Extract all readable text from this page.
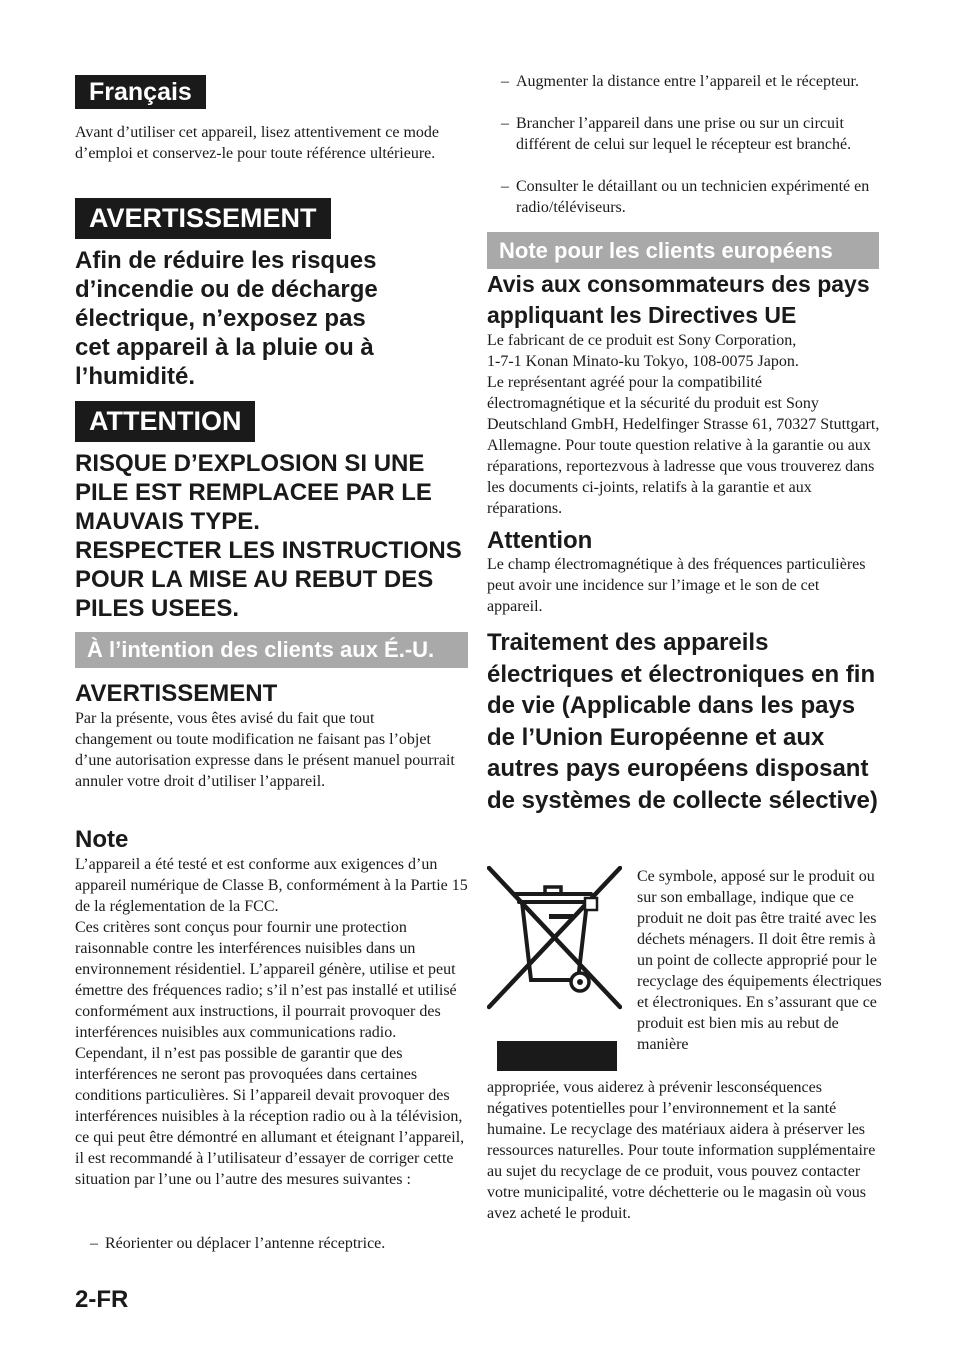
Français

Avant d’utiliser cet appareil, lisez attentivement ce mode d’emploi et conservez-le pour toute référence ultérieure.

AVERTISSEMENT

Afin de réduire les risques d’incendie ou de décharge électrique, n’exposez pas cet appareil à la pluie ou à l’humidité.

ATTENTION

RISQUE D’EXPLOSION SI UNE PILE EST REMPLACEE PAR LE MAUVAIS TYPE.

RESPECTER LES INSTRUCTIONS POUR LA MISE AU REBUT DES PILES USEES.

À l’intention des clients aux É.-U.
AVERTISSEMENT

Par la présente, vous êtes avisé du fait que tout changement ou toute modification ne faisant pas l’objet d’une autorisation expresse dans le présent manuel pourrait annuler votre droit d’utiliser l’appareil.

Note

L’appareil a été testé et est conforme aux exigences d’un appareil numérique de Classe B, conformément à la Partie 15 de la réglementation de la FCC.

Ces critères sont conçus pour fournir une protection raisonnable contre les interférences nuisibles dans un environnement résidentiel. L’appareil génère, utilise et peut émettre des fréquences radio; s’il n’est pas installé et utilisé conformément aux instructions, il pourrait provoquer des interférences nuisibles aux communications radio.

Cependant, il n’est pas possible de garantir que des interférences ne seront pas provoquées dans certaines conditions particulières. Si l’appareil devait provoquer des interférences nuisibles à la réception radio ou à la télévision, ce qui peut être démontré en allumant et éteignant l’appareil, il est recommandé à l’utilisateur d’essayer de corriger cette situation par l’une ou l’autre des mesures suivantes :

– Réorienter ou déplacer l’antenne réceptrice.
2-FR
– Augmenter la distance entre l’appareil et le récepteur.
– Brancher l’appareil dans une prise ou sur un circuit différent de celui sur lequel le récepteur est branché.
– Consulter le détaillant ou un technicien expérimenté en radio/téléviseurs.
Note pour les clients européens

Avis aux consommateurs des pays appliquant les Directives UE

Le fabricant de ce produit est Sony Corporation,

1-7-1 Konan Minato-ku Tokyo, 108-0075 Japon.

Le représentant agréé pour la compatibilité électromagnétique et la sécurité du produit est Sony Deutschland GmbH, Hedelfinger Strasse 61, 70327 Stuttgart, Allemagne. Pour toute question relative à la garantie ou aux réparations, reportezvous à ladresse que vous trouverez dans les documents ci-joints, relatifs à la garantie et aux réparations.

Attention

Le champ électromagnétique à des fréquences particulières peut avoir une incidence sur l’image et le son de cet appareil.

Traitement des appareils électriques et électroniques en fin de vie (Applicable dans les pays de l’Union Européenne et aux autres pays européens disposant de systèmes de collecte sélective)

Ce symbole, apposé sur le produit ou sur son emballage, indique que ce produit ne doit pas être traité avec les déchets ménagers. Il doit être remis à un point de collecte approprié pour le recyclage des équipements électriques et électroniques. En s’assurant que ce produit est bien mis au rebut de manière

appropriée, vous aiderez à prévenir lesconséquences négatives potentielles pour l’environnement et la santé humaine. Le recyclage des matériaux aidera à préserver les ressources naturelles. Pour toute information supplémentaire au sujet du recyclage de ce produit, vous pouvez contacter votre municipalité, votre déchetterie ou le magasin où vous avez acheté le produit.
